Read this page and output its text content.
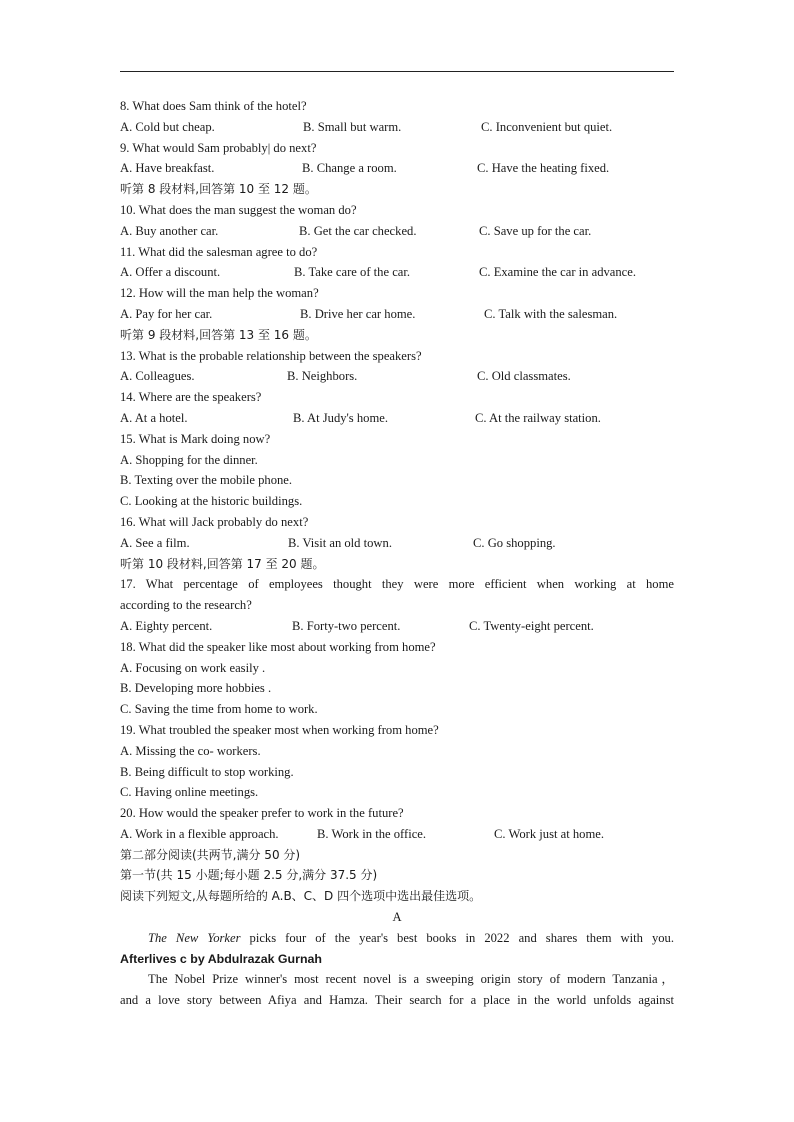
8. What does Sam think of the hotel?
A. Cold but cheap.	B. Small but warm.	C. Inconvenient but quiet.
9. What would Sam probably| do next?
A. Have breakfast.	B. Change a room.	C. Have the heating fixed.
听第 8 段材料,回答第 10 至 12 题。
10. What does the man suggest the woman do?
A. Buy another car.	B. Get the car checked.	C. Save up for the car.
11. What did the salesman agree to do?
A. Offer a discount.	B. Take care of the car.	C. Examine the car in advance.
12. How will the man help the woman?
A. Pay for her car.	B. Drive her car home.	C. Talk with the salesman.
听第 9 段材料,回答第 13 至 16 题。
13. What is the probable relationship between the speakers?
A. Colleagues.	B. Neighbors.	C. Old classmates.
14. Where are the speakers?
A. At a hotel.	B. At Judy's home.	C. At the railway station.
15. What is Mark doing now?
A. Shopping for the dinner.
B. Texting over the mobile phone.
C. Looking at the historic buildings.
16. What will Jack probably do next?
A. See a film.	B. Visit an old town.	C. Go shopping.
听第 10 段材料,回答第 17 至 20 题。
17. What percentage of employees thought they were more efficient when working at home
according to the research?
A. Eighty percent.	B. Forty-two percent.	C. Twenty-eight percent.
18. What did the speaker like most about working from home?
A. Focusing on work easily .
B. Developing more hobbies .
C. Saving the time from home to work.
19. What troubled the speaker most when working from home?
A. Missing the co- workers.
B. Being difficult to stop working.
C. Having online meetings.
20. How would the speaker prefer to work in the future?
A. Work in a flexible approach.	B. Work in the office.	C. Work just at home.
第二部分阅读(共两节,满分 50 分)
第一节(共 15 小题;每小题 2.5 分,满分 37.5 分)
阅读下列短文,从每题所给的 A.B、C、D 四个选项中选出最佳选项。
A
The New Yorker picks four of the year's best books in 2022 and shares them with you.
Afterlives c by Abdulrazak Gurnah
The Nobel Prize winner's most recent novel is a sweeping origin story of modern Tanzania，
and a love story between Afiya and Hamza. Their search for a place in the world unfolds against
